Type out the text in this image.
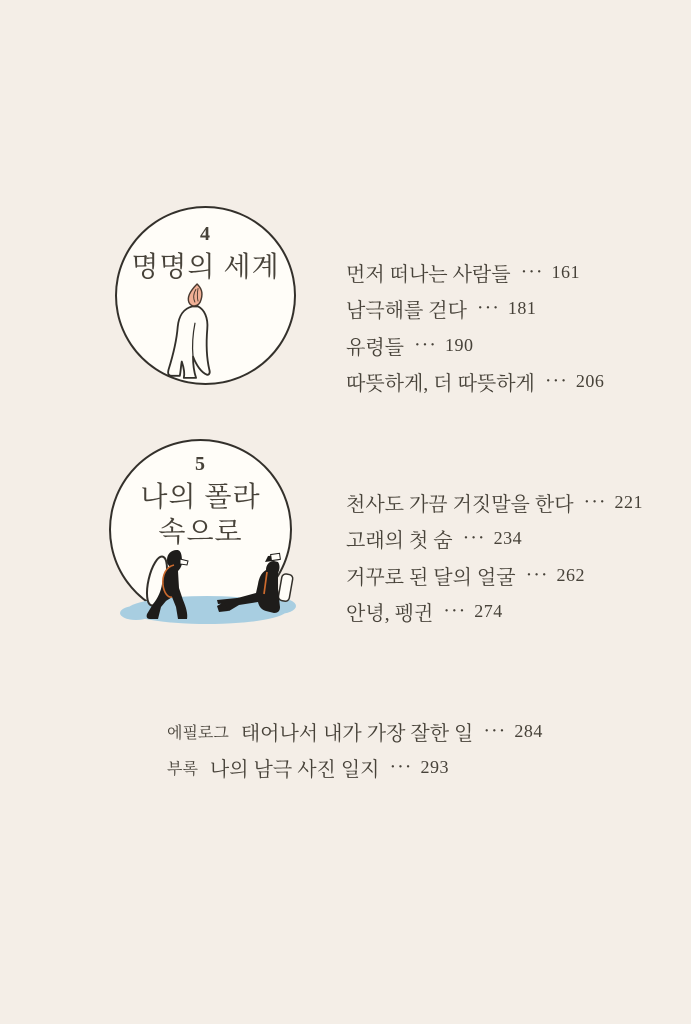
4
명명의 세계	먼저 떠나는 사람들 ··· 161
남극해를 걷다 ··· 181
유령들 ··· 190
따뜻하게, 더 따뜻하게 ··· 206
5
나의 폴라
속으로
천사도 가끔 거짓말을 한다 ··· 221
고래의 첫 숨 ··· 234
거꾸로 된 달의 얼굴 ··· 262
안녕, 펭귄 ··· 274
에필로그 태어나서 내가 가장 잘한 일 ··· 284
부록 나의 남극 사진 일지 ··· 293
